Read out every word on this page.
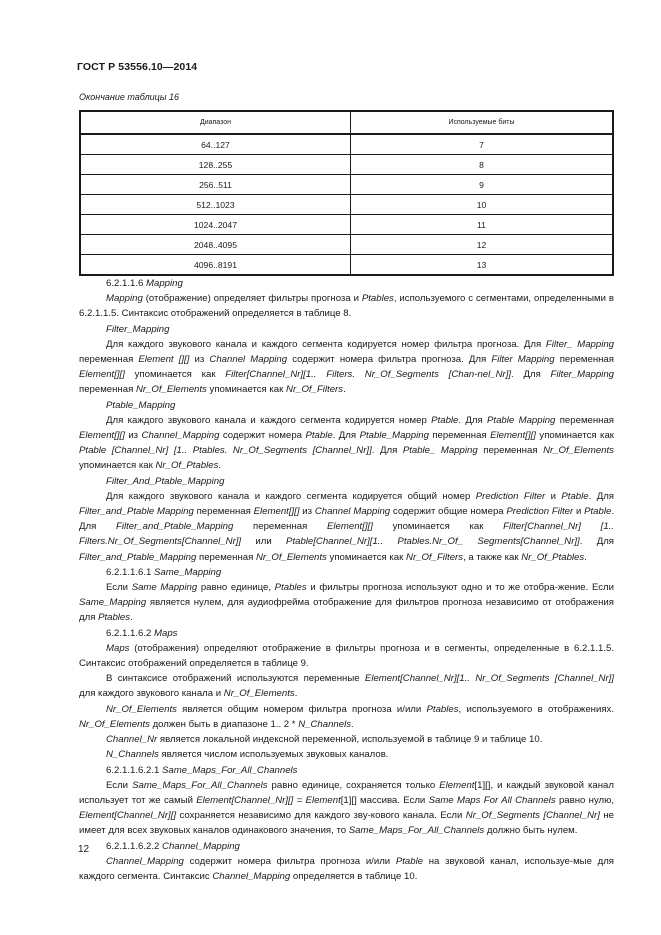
ГОСТ Р 53556.10—2014
Окончание таблицы 16
Диапазон	Используемые биты
64..127	7
128..255	8
256..511	9
512..1023	10
1024..2047	11
2048..4095	12
4096..8191	13

6.2.1.1.6 Mapping

Mapping (отображение) определяет фильтры прогноза и Ptables, используемого с сегментами, определенными в 6.2.1.1.5. Синтаксис отображений определяется в таблице 8.

Filter_Mapping

Для каждого звукового канала и каждого сегмента кодируется номер фильтра прогноза. Для Filter_ Mapping переменная Element [][] из Channel Mapping содержит номера фильтра прогноза. Для Filter Mapping переменная Element[][] упоминается как Filter[Channel_Nr][1.. Filters. Nr_Of_Segments [Chan-nel_Nr]]. Для Filter_Mapping переменная Nr_Of_Elements упоминается как Nr_Of_Filters.

Ptable_Mapping

Для каждого звукового канала и каждого сегмента кодируется номер Ptable. Для Ptable Mapping переменная Element[][] из Channel_Mapping содержит номера Ptable. Для Ptable_Mapping переменная Element[][] упоминается как Ptable [Channel_Nr] [1.. Ptables. Nr_Of_Segments [Channel_Nr]]. Для Ptable_ Mapping переменная Nr_Of_Elements упоминается как Nr_Of_Ptables.

Filter_And_Ptable_Mapping

Для каждого звукового канала и каждого сегмента кодируется общий номер Prediction Filter и Ptable. Для Filter_and_Ptable Mapping переменная Element[][] из Channel Mapping содержит общие номера Prediction Filter и Ptable. Для Filter_and_Ptable_Mapping переменная Element[][] упоминается как Filter[Channel_Nr] [1.. Filters.Nr_Of_Segments[Channel_Nr]] или Ptable[Channel_Nr][1.. Ptables.Nr_Of_ Segments[Channel_Nr]]. Для Filter_and_Ptable_Mapping переменная Nr_Of_Elements упоминается как Nr_Of_Filters, а также как Nr_Of_Ptables.

6.2.1.1.6.1 Same_Mapping

Если Same Mapping равно единице, Ptables и фильтры прогноза используют одно и то же отобра-жение. Если Same_Mapping является нулем, для аудиофрейма отображение для фильтров прогноза независимо от отображения для Ptables.

6.2.1.1.6.2 Maps

Maps (отображения) определяют отображение в фильтры прогноза и в сегменты, определенные в 6.2.1.1.5. Синтаксис отображений определяется в таблице 9.

В синтаксисе отображений используются переменные Element[Channel_Nr][1.. Nr_Of_Segments [Channel_Nr]] для каждого звукового канала и Nr_Of_Elements.

Nr_Of_Elements является общим номером фильтра прогноза и/или Ptables, используемого в отображениях. Nr_Of_Elements должен быть в диапазоне 1.. 2 * N_Channels.

Channel_Nr является локальной индексной переменной, используемой в таблице 9 и таблице 10.

N_Channels является числом используемых звуковых каналов.

6.2.1.1.6.2.1 Same_Maps_For_All_Channels

Если Same_Maps_For_All_Channels равно единице, сохраняется только Element[1][], и каждый звуковой канал использует тот же самый Element[Channel_Nr][] = Element[1][] массива. Если Same Maps For All Channels равно нулю, Element[Channel_Nr][] сохраняется независимо для каждого зву-кового канала. Если Nr_Of_Segments [Channel_Nr] не имеет для всех звуковых каналов одинакового значения, то Same_Maps_For_All_Channels должно быть нулем.

6.2.1.1.6.2.2 Channel_Mapping

Channel_Mapping содержит номера фильтра прогноза и/или Ptable на звуковой канал, используе-мые для каждого сегмента. Синтаксис Channel_Mapping определяется в таблице 10.

12
